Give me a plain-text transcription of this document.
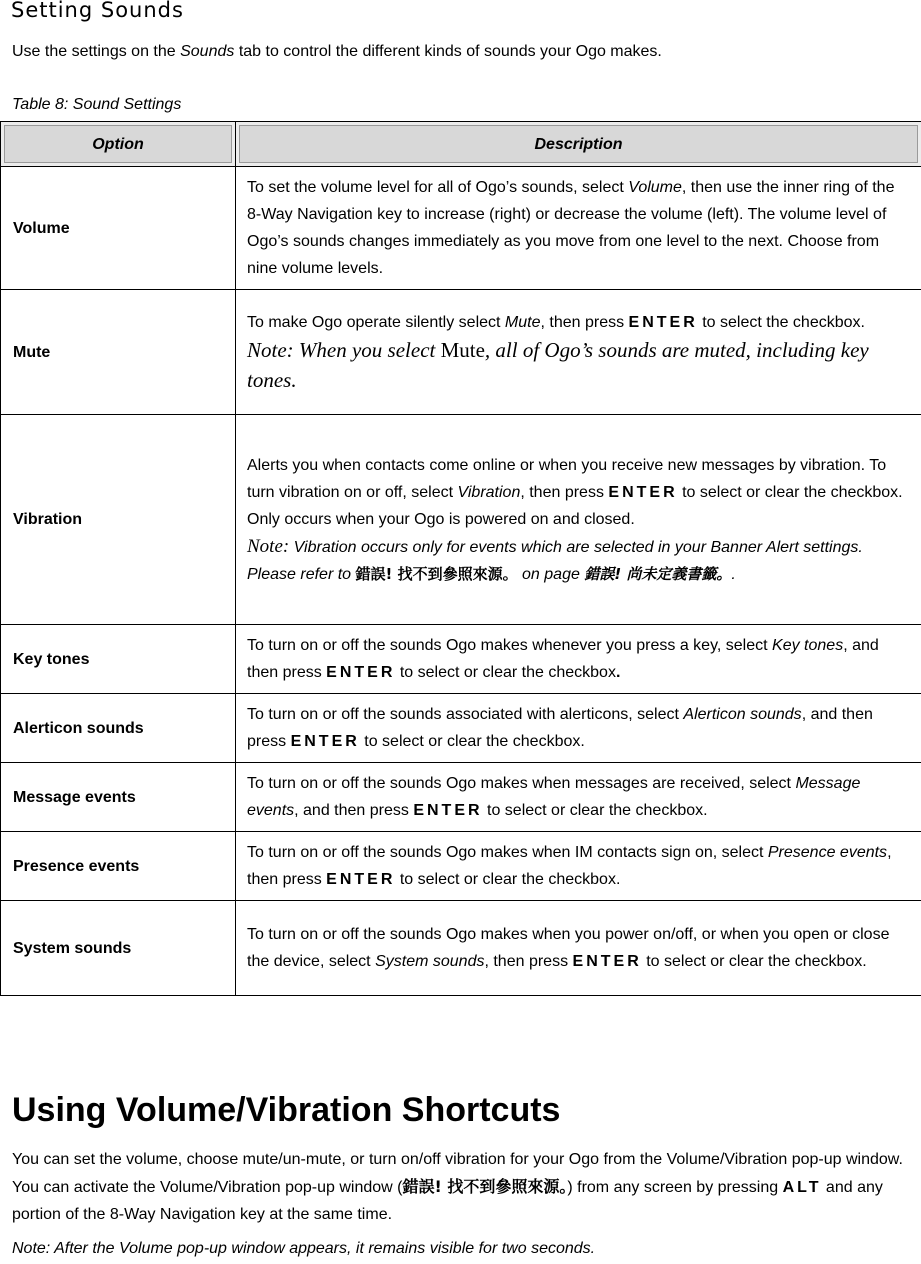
Setting Sounds

Use the settings on the Sounds tab to control the different kinds of sounds your Ogo makes.

Table 8: Sound Settings

Option	Description
Volume	To set the volume level for all of Ogo’s sounds, select Volume, then use the inner ring of the 8-Way Navigation key to increase (right) or decrease the volume (left). The volume level of Ogo’s sounds changes immediately as you move from one level to the next. Choose from nine volume levels.
Mute	To make Ogo operate silently select Mute, then press ENTER to select the checkbox.
Note: When you select Mute, all of Ogo’s sounds are muted, including key tones.
Vibration	Alerts you when contacts come online or when you receive new messages by vibration. To turn vibration on or off, select Vibration, then press ENTER to select or clear the checkbox. Only occurs when your Ogo is powered on and closed.
Note: Vibration occurs only for events which are selected in your Banner Alert settings. Please refer to 錯誤! 找不到參照來源。 on page 錯誤! 尚未定義書籤。.
Key tones	To turn on or off the sounds Ogo makes whenever you press a key, select Key tones, and then press ENTER to select or clear the checkbox.
Alerticon sounds	To turn on or off the sounds associated with alerticons, select Alerticon sounds, and then press ENTER to select or clear the checkbox.
Message events	To turn on or off the sounds Ogo makes when messages are received, select Message events, and then press ENTER to select or clear the checkbox.
Presence events	To turn on or off the sounds Ogo makes when IM contacts sign on, select Presence events, then press ENTER to select or clear the checkbox.
System sounds	To turn on or off the sounds Ogo makes when you power on/off, or when you open or close the device, select System sounds, then press ENTER to select or clear the checkbox.
Using Volume/Vibration Shortcuts

You can set the volume, choose mute/un-mute, or turn on/off vibration for your Ogo from the Volume/Vibration pop-up window. You can activate the Volume/Vibration pop-up window (錯誤! 找不到參照來源。) from any screen by pressing ALT and any portion of the 8-Way Navigation key at the same time.

Note: After the Volume pop-up window appears, it remains visible for two seconds.
